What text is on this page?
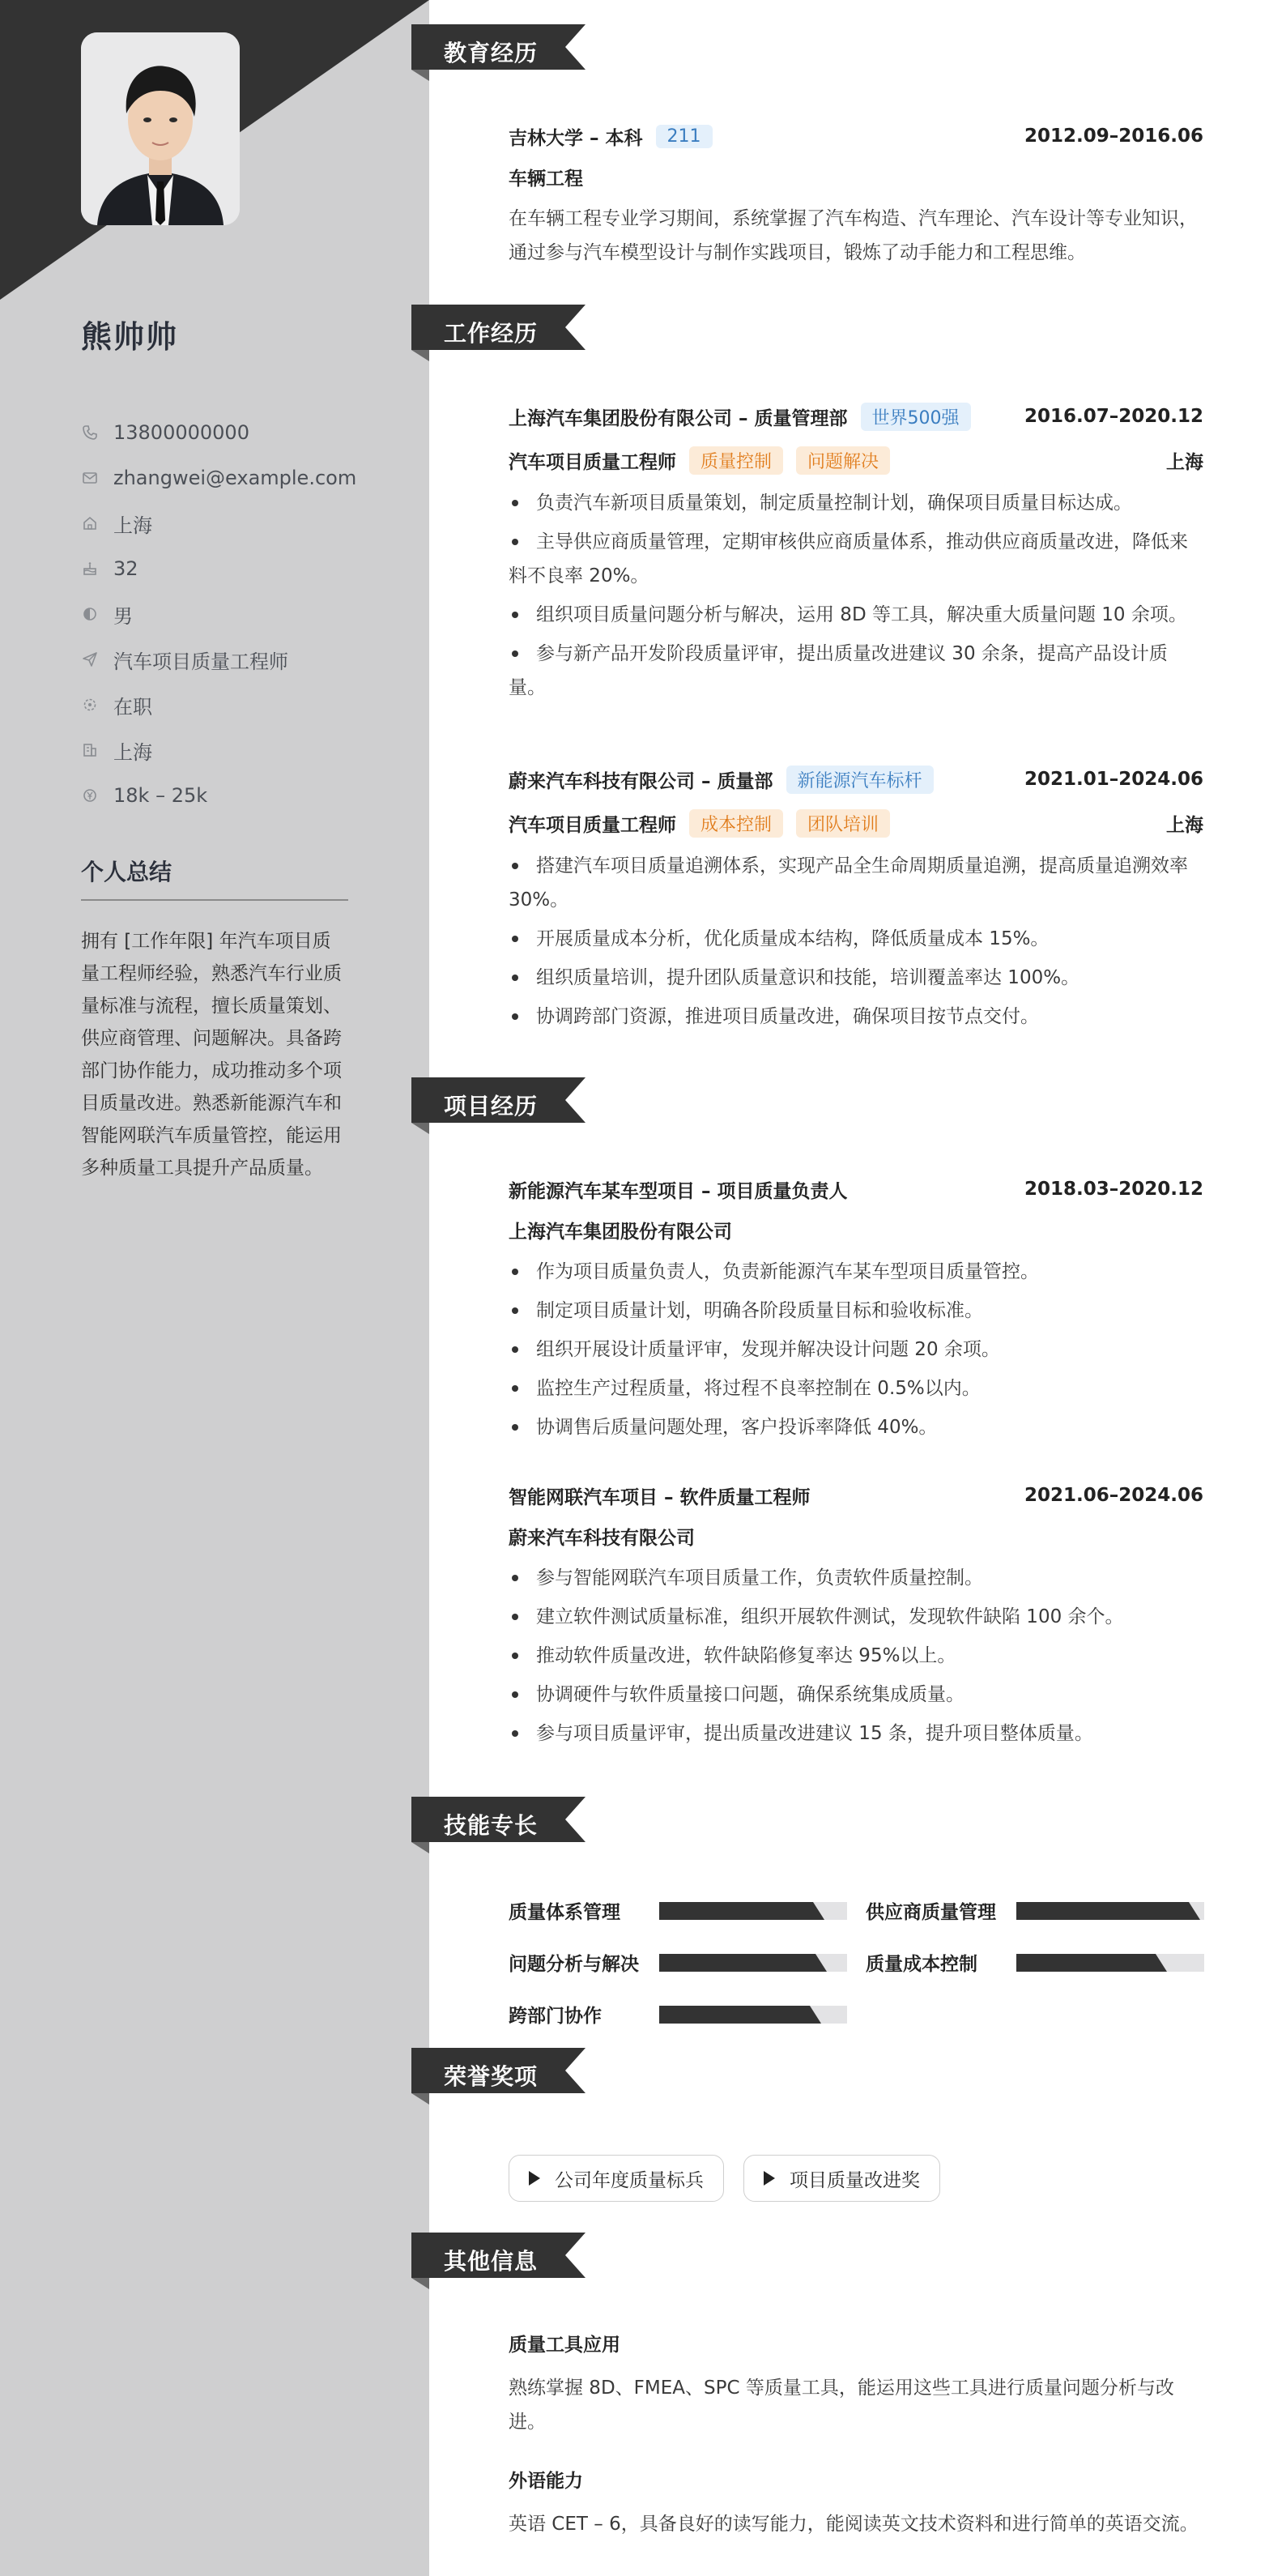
熊帅帅
13800000000
zhangwei@example.com
上海
32
男
汽车项目质量工程师
在职
上海
18k – 25k
个人总结
拥有 [工作年限] 年汽车项目质量工程师经验，熟悉汽车行业质量标准与流程，擅长质量策划、供应商管理、问题解决。具备跨部门协作能力，成功推动多个项目质量改进。熟悉新能源汽车和智能网联汽车质量管控，能运用多种质量工具提升产品质量。
教育经历
吉林大学 – 本科	211	2012.09–2016.06
车辆工程
在车辆工程专业学习期间，系统掌握了汽车构造、汽车理论、汽车设计等专业知识，通过参与汽车模型设计与制作实践项目，锻炼了动手能力和工程思维。
工作经历
上海汽车集团股份有限公司 – 质量管理部	世界500强	2016.07–2020.12
汽车项目质量工程师	质量控制	问题解决	上海
负责汽车新项目质量策划，制定质量控制计划，确保项目质量目标达成。
主导供应商质量管理，定期审核供应商质量体系，推动供应商质量改进，降低来料不良率 20%。
组织项目质量问题分析与解决，运用 8D 等工具，解决重大质量问题 10 余项。
参与新产品开发阶段质量评审，提出质量改进建议 30 余条，提高产品设计质量。
蔚来汽车科技有限公司 – 质量部	新能源汽车标杆	2021.01–2024.06
汽车项目质量工程师	成本控制	团队培训	上海
搭建汽车项目质量追溯体系，实现产品全生命周期质量追溯，提高质量追溯效率 30%。
开展质量成本分析，优化质量成本结构，降低质量成本 15%。
组织质量培训，提升团队质量意识和技能，培训覆盖率达 100%。
协调跨部门资源，推进项目质量改进，确保项目按节点交付。
项目经历
新能源汽车某车型项目 – 项目质量负责人	2018.03–2020.12
上海汽车集团股份有限公司
作为项目质量负责人，负责新能源汽车某车型项目质量管控。
制定项目质量计划，明确各阶段质量目标和验收标准。
组织开展设计质量评审，发现并解决设计问题 20 余项。
监控生产过程质量，将过程不良率控制在 0.5%以内。
协调售后质量问题处理，客户投诉率降低 40%。
智能网联汽车项目 – 软件质量工程师	2021.06–2024.06
蔚来汽车科技有限公司
参与智能网联汽车项目质量工作，负责软件质量控制。
建立软件测试质量标准，组织开展软件测试，发现软件缺陷 100 余个。
推动软件质量改进，软件缺陷修复率达 95%以上。
协调硬件与软件质量接口问题，确保系统集成质量。
参与项目质量评审，提出质量改进建议 15 条，提升项目整体质量。
技能专长
质量体系管理	供应商质量管理
问题分析与解决	质量成本控制
跨部门协作
荣誉奖项
公司年度质量标兵	项目质量改进奖
其他信息
质量工具应用
熟练掌握 8D、FMEA、SPC 等质量工具，能运用这些工具进行质量问题分析与改进。
外语能力
英语 CET – 6，具备良好的读写能力，能阅读英文技术资料和进行简单的英语交流。
